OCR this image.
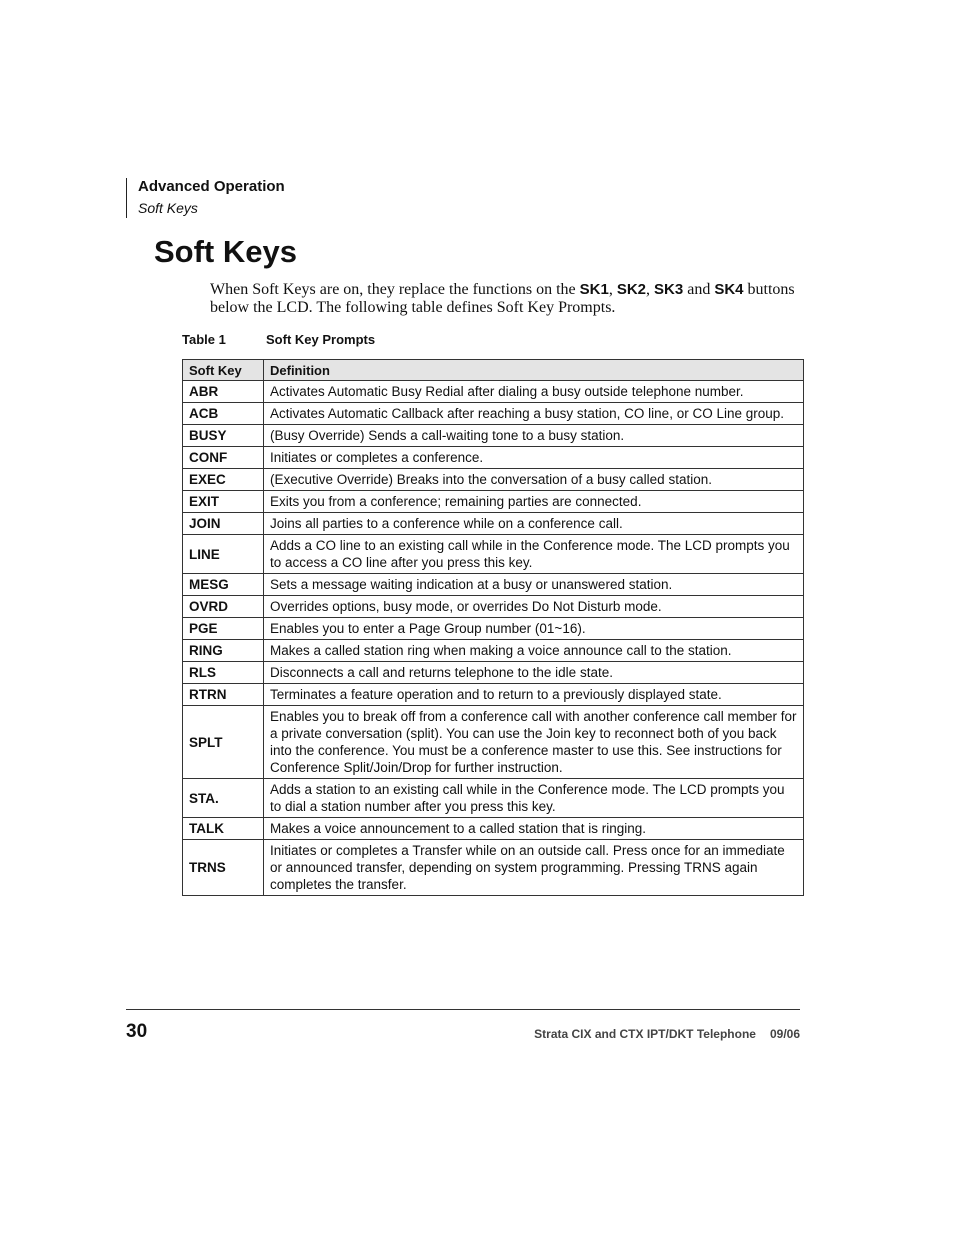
Advanced Operation
Soft Keys
Soft Keys
When Soft Keys are on, they replace the functions on the SK1, SK2, SK3 and SK4 buttons below the LCD. The following table defines Soft Key Prompts.
Table 1	Soft Key Prompts
Soft Key	Definition
ABR	Activates Automatic Busy Redial after dialing a busy outside telephone number.
ACB	Activates Automatic Callback after reaching a busy station, CO line, or CO Line group.
BUSY	(Busy Override) Sends a call-waiting tone to a busy station.
CONF	Initiates or completes a conference.
EXEC	(Executive Override) Breaks into the conversation of a busy called station.
EXIT	Exits you from a conference; remaining parties are connected.
JOIN	Joins all parties to a conference while on a conference call.
LINE	Adds a CO line to an existing call while in the Conference mode. The LCD prompts you to access a CO line after you press this key.
MESG	Sets a message waiting indication at a busy or unanswered station.
OVRD	Overrides options, busy mode, or overrides Do Not Disturb mode.
PGE	Enables you to enter a Page Group number (01~16).
RING	Makes a called station ring when making a voice announce call to the station.
RLS	Disconnects a call and returns telephone to the idle state.
RTRN	Terminates a feature operation and to return to a previously displayed state.
SPLT	Enables you to break off from a conference call with another conference call member for a private conversation (split). You can use the Join key to reconnect both of you back into the conference. You must be a conference master to use this. See instructions for Conference Split/Join/Drop for further instruction.
STA.	Adds a station to an existing call while in the Conference mode. The LCD prompts you to dial a station number after you press this key.
TALK	Makes a voice announcement to a called station that is ringing.
TRNS	Initiates or completes a Transfer while on an outside call. Press once for an immediate or announced transfer, depending on system programming. Pressing TRNS again completes the transfer.
30	Strata CIX and CTX IPT/DKT Telephone 09/06
